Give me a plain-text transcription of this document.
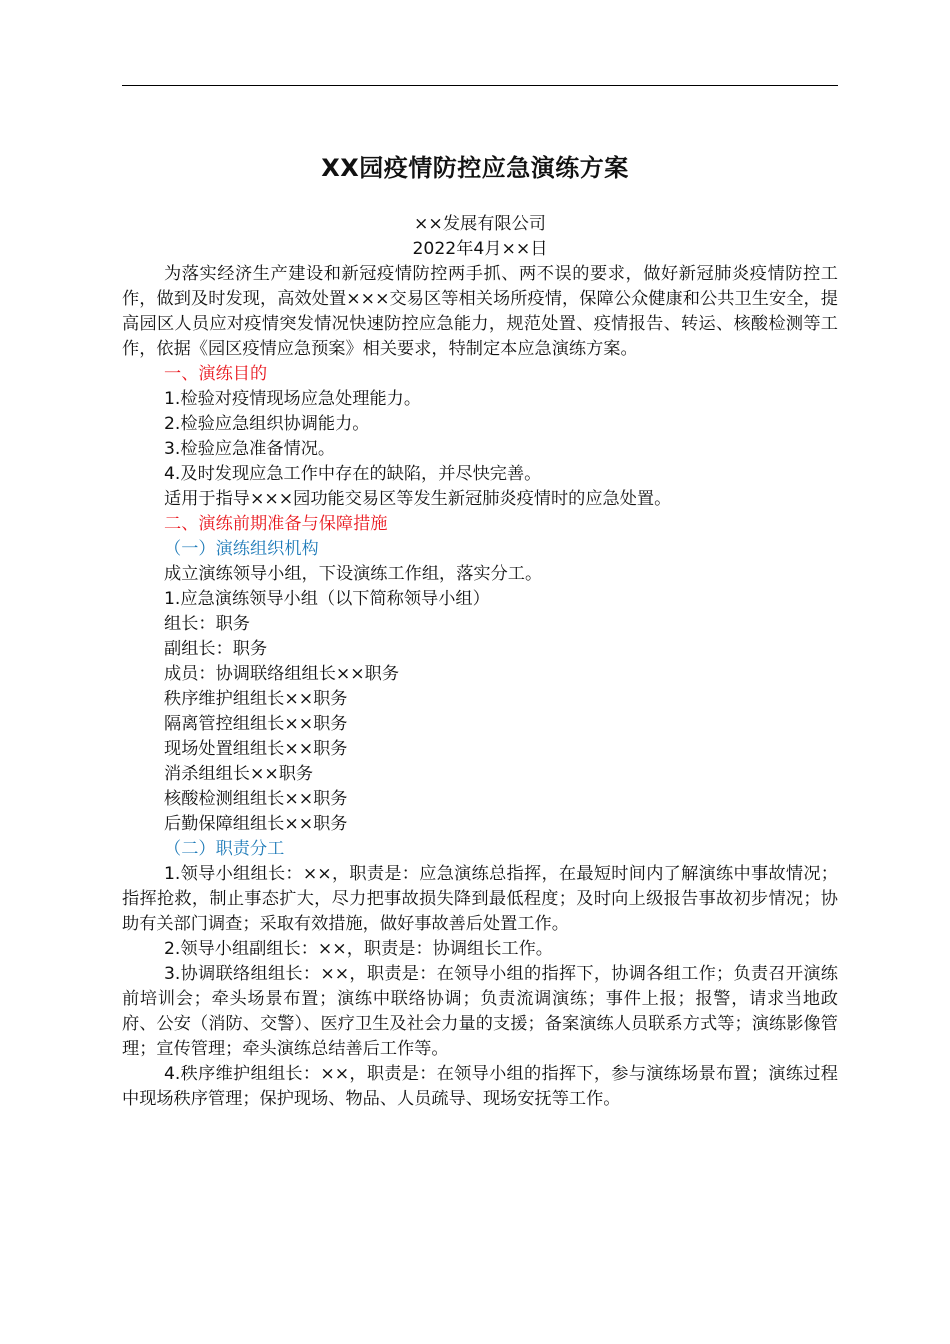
XX园疫情防控应急演练方案
××发展有限公司
2022年4月××日

为落实经济生产建设和新冠疫情防控两手抓、两不误的要求，做好新冠肺炎疫情防控工作，做到及时发现，高效处置×××交易区等相关场所疫情，保障公众健康和公共卫生安全，提高园区人员应对疫情突发情况快速防控应急能力，规范处置、疫情报告、转运、核酸检测等工作，依据《园区疫情应急预案》相关要求，特制定本应急演练方案。

一、演练目的
1.检验对疫情现场应急处理能力。
2.检验应急组织协调能力。
3.检验应急准备情况。
4.及时发现应急工作中存在的缺陷，并尽快完善。
适用于指导×××园功能交易区等发生新冠肺炎疫情时的应急处置。
二、演练前期准备与保障措施
（一）演练组织机构
成立演练领导小组，下设演练工作组，落实分工。
1.应急演练领导小组（以下简称领导小组）
组长：职务
副组长：职务
成员：协调联络组组长××职务
秩序维护组组长××职务
隔离管控组组长××职务
现场处置组组长××职务
消杀组组长××职务
核酸检测组组长××职务
后勤保障组组长××职务
（二）职责分工

1.领导小组组长：××，职责是：应急演练总指挥，在最短时间内了解演练中事故情况；指挥抢救，制止事态扩大，尽力把事故损失降到最低程度；及时向上级报告事故初步情况；协助有关部门调查；采取有效措施，做好事故善后处置工作。

2.领导小组副组长：××，职责是：协调组长工作。

3.协调联络组组长：××，职责是：在领导小组的指挥下，协调各组工作；负责召开演练前培训会；牵头场景布置；演练中联络协调；负责流调演练；事件上报；报警，请求当地政府、公安（消防、交警）、医疗卫生及社会力量的支援；备案演练人员联系方式等；演练影像管理；宣传管理；牵头演练总结善后工作等。

4.秩序维护组组长：××，职责是：在领导小组的指挥下，参与演练场景布置；演练过程中现场秩序管理；保护现场、物品、人员疏导、现场安抚等工作。
